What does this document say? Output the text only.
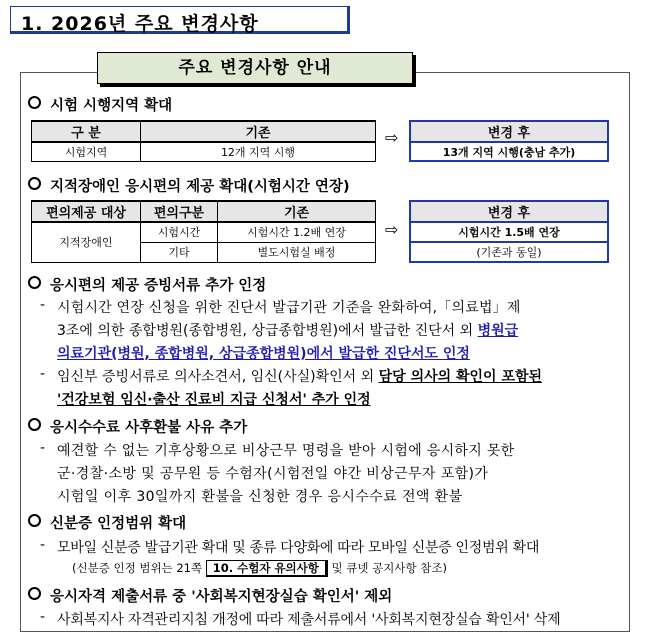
1. 2026년 주요 변경사항
주요 변경사항 안내
시험 시행지역 확대
구 분	기존
시험지역	12개 지역 시행
⇨	변경 후
13개 지역 시행(충남 추가)
지적장애인 응시편의 제공 확대(시험시간 연장)
편의제공 대상	편의구분	기존
지적장애인	시험시간	시험시간 1.2배 연장
	기타	별도시험실 배정
⇨
변경 후
시험시간 1.5배 연장
(기존과 동일)
응시편의 제공 증빙서류 추가 인정
- 시험시간 연장 신청을 위한 진단서 발급기관 기준을 완화하여,「의료법」제
3조에 의한 종합병원(종합병원, 상급종합병원)에서 발급한 진단서 외 병원급
의료기관(병원, 종합병원, 상급종합병원)에서 발급한 진단서도 인정
- 임신부 증빙서류로 의사소견서, 임신(사실)확인서 외 담당 의사의 확인이 포함된
'건강보험 임신·출산 진료비 지급 신청서' 추가 인정
응시수수료 사후환불 사유 추가
- 예견할 수 없는 기후상황으로 비상근무 명령을 받아 시험에 응시하지 못한
군·경찰·소방 및 공무원 등 수험자(시험전일 야간 비상근무자 포함)가
시험일 이후 30일까지 환불을 신청한 경우 응시수수료 전액 환불
신분증 인정범위 확대
- 모바일 신분증 발급기관 확대 및 종류 다양화에 따라 모바일 신분증 인정범위 확대
(신분증 인정 범위는 21쪽 10. 수험자 유의사항 및 큐넷 공지사항 참조)
응시자격 제출서류 중 '사회복지현장실습 확인서' 제외
- 사회복지사 자격관리지침 개정에 따라 제출서류에서 '사회복지현장실습 확인서' 삭제
